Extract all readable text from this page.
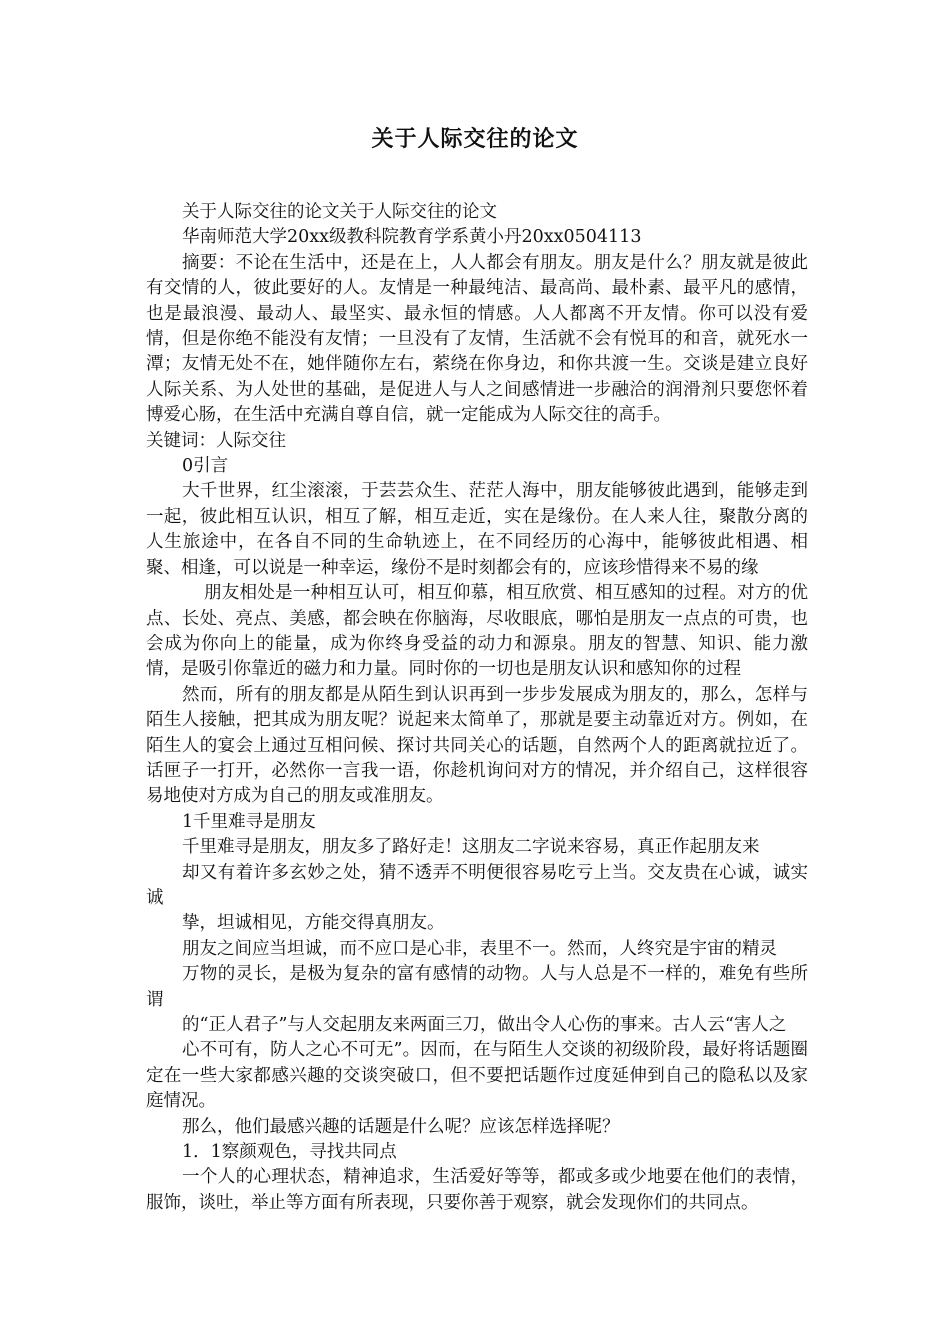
关于人际交往的论文

关于人际交往的论文关于人际交往的论文

华南师范大学20xx级教科院教育学系黄小丹20xx0504113

摘要：不论在生活中，还是在上，人人都会有朋友。朋友是什么？朋友就是彼此有交情的人，彼此要好的人。友情是一种最纯洁、最高尚、最朴素、最平凡的感情，也是最浪漫、最动人、最坚实、最永恒的情感。人人都离不开友情。你可以没有爱情，但是你绝不能没有友情；一旦没有了友情，生活就不会有悦耳的和音，就死水一潭；友情无处不在，她伴随你左右，萦绕在你身边，和你共渡一生。交谈是建立良好人际关系、为人处世的基础，是促进人与人之间感情进一步融洽的润滑剂只要您怀着博爱心肠，在生活中充满自尊自信，就一定能成为人际交往的高手。

关键词：人际交往

0引言

大千世界，红尘滚滚，于芸芸众生、茫茫人海中，朋友能够彼此遇到，能够走到一起，彼此相互认识，相互了解，相互走近，实在是缘份。在人来人往，聚散分离的人生旅途中，在各自不同的生命轨迹上，在不同经历的心海中，能够彼此相遇、相聚、相逢，可以说是一种幸运，缘份不是时刻都会有的，应该珍惜得来不易的缘

朋友相处是一种相互认可，相互仰慕，相互欣赏、相互感知的过程。对方的优点、长处、亮点、美感，都会映在你脑海，尽收眼底，哪怕是朋友一点点的可贵，也会成为你向上的能量，成为你终身受益的动力和源泉。朋友的智慧、知识、能力激情，是吸引你靠近的磁力和力量。同时你的一切也是朋友认识和感知你的过程

然而，所有的朋友都是从陌生到认识再到一步步发展成为朋友的，那么，怎样与陌生人接触，把其成为朋友呢？说起来太简单了，那就是要主动靠近对方。例如，在陌生人的宴会上通过互相问候、探讨共同关心的话题，自然两个人的距离就拉近了。话匣子一打开，必然你一言我一语，你趁机询问对方的情况，并介绍自己，这样很容易地使对方成为自己的朋友或准朋友。

1千里难寻是朋友

千里难寻是朋友，朋友多了路好走！这朋友二字说来容易，真正作起朋友来

却又有着许多玄妙之处，猜不透弄不明便很容易吃亏上当。交友贵在心诚，诚实诚

挚，坦诚相见，方能交得真朋友。

朋友之间应当坦诚，而不应口是心非，表里不一。然而，人终究是宇宙的精灵

万物的灵长，是极为复杂的富有感情的动物。人与人总是不一样的，难免有些所谓

的“正人君子”与人交起朋友来两面三刀，做出令人心伤的事来。古人云“害人之

心不可有，防人之心不可无”。因而，在与陌生人交谈的初级阶段，最好将话题圈定在一些大家都感兴趣的交谈突破口，但不要把话题作过度延伸到自己的隐私以及家庭情况。

那么，他们最感兴趣的话题是什么呢？应该怎样选择呢？

1．1察颜观色，寻找共同点

一个人的心理状态，精神追求，生活爱好等等，都或多或少地要在他们的表情，服饰，谈吐，举止等方面有所表现，只要你善于观察，就会发现你们的共同点。
